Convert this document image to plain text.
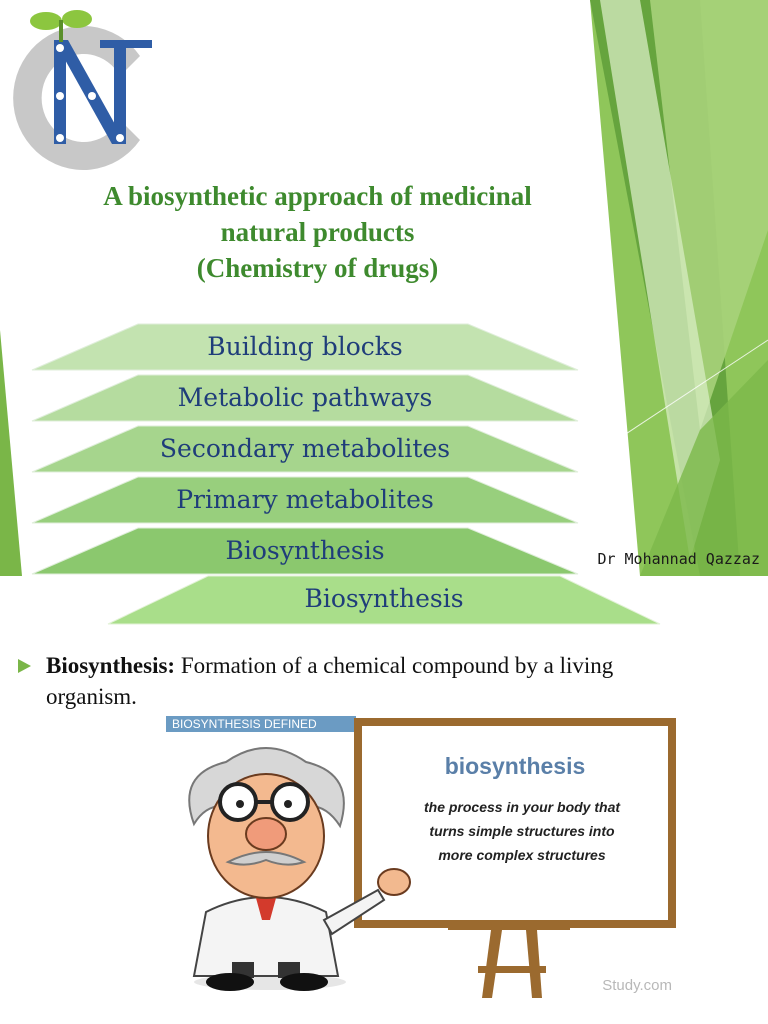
A biosynthetic approach of medicinal
natural products
(Chemistry of drugs)
Building blocks
Metabolic pathways
Secondary metabolites
Primary metabolites
Biosynthesis	Dr Mohannad Qazzaz
Biosynthesis
Biosynthesis: Formation of a chemical compound by a living organism.
BIOSYNTHESIS DEFINED
biosynthesis
the process in your body that
turns simple structures into
more complex structures
Study.com
